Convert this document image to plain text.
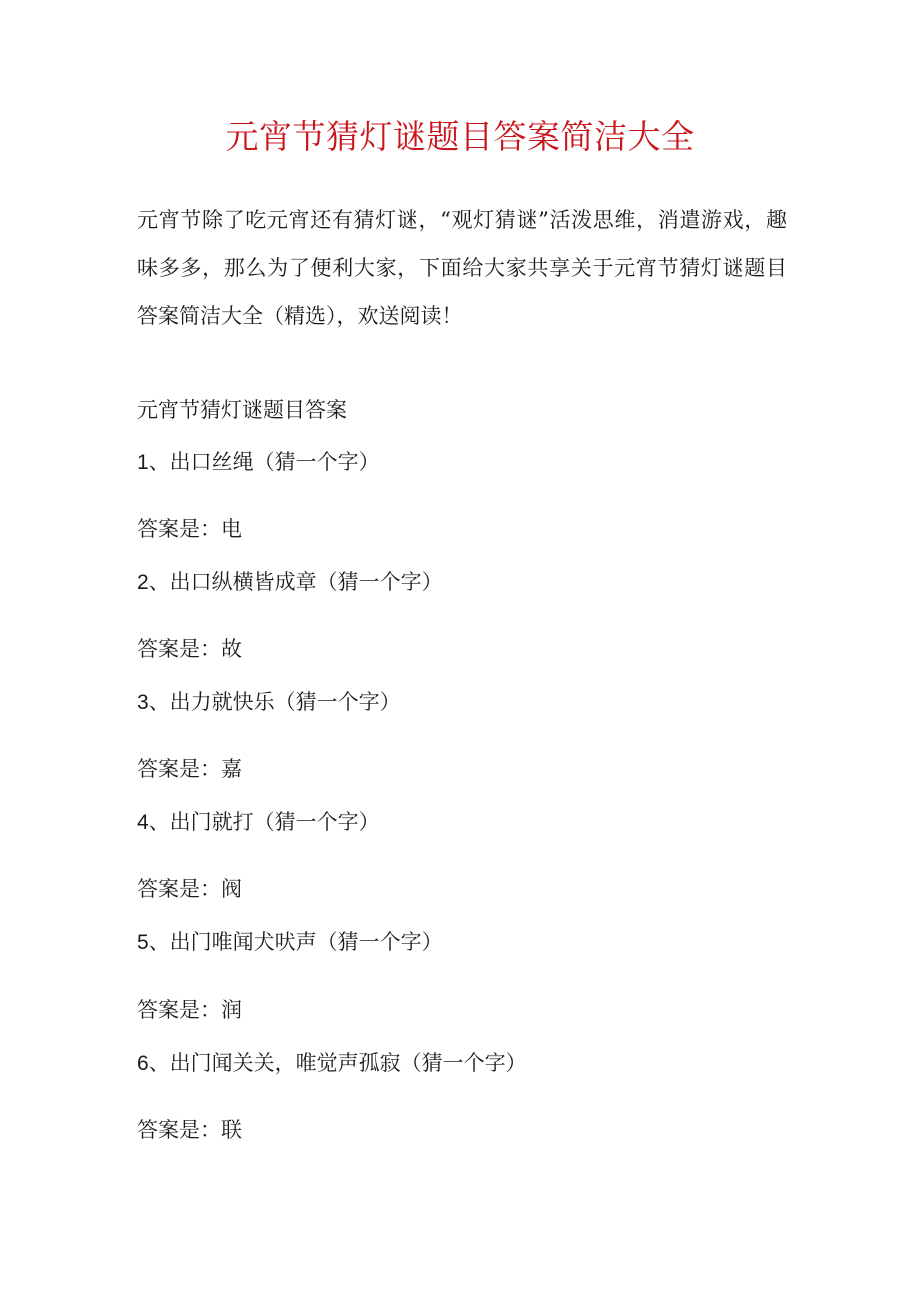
元宵节猜灯谜题目答案简洁大全

元宵节除了吃元宵还有猜灯谜，“观灯猜谜”活泼思维，消遣游戏，趣味多多，那么为了便利大家，下面给大家共享关于元宵节猜灯谜题目答案简洁大全（精选），欢送阅读！

元宵节猜灯谜题目答案

1、出口丝绳（猜一个字）

答案是：电

2、出口纵横皆成章（猜一个字）

答案是：故

3、出力就快乐（猜一个字）

答案是：嘉

4、出门就打（猜一个字）

答案是：阀

5、出门唯闻犬吠声（猜一个字）

答案是：润

6、出门闻关关，唯觉声孤寂（猜一个字）

答案是：联
